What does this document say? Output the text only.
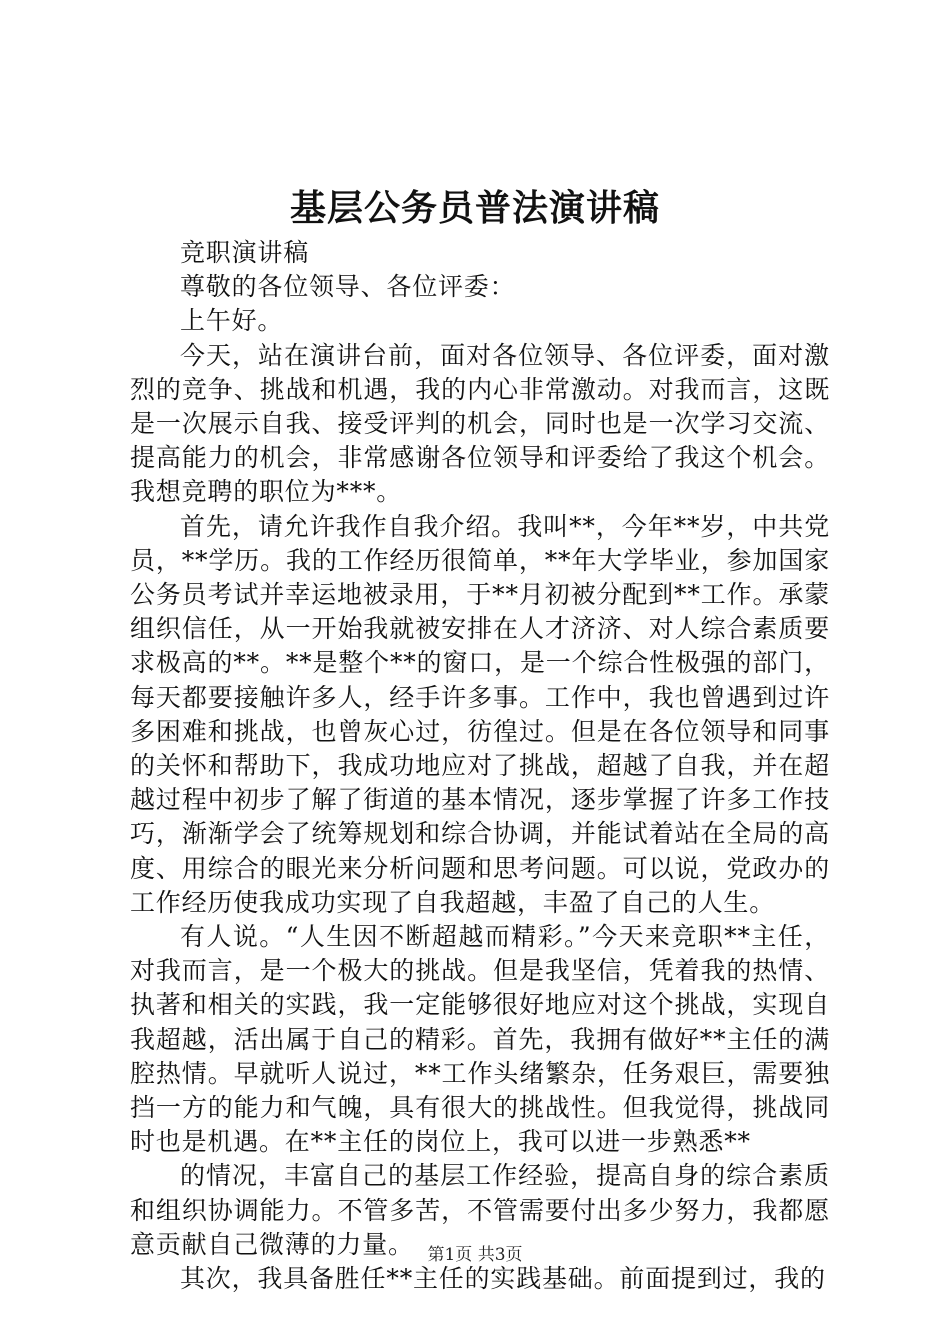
基层公务员普法演讲稿

竞职演讲稿

尊敬的各位领导、各位评委：

上午好。

今天，站在演讲台前，面对各位领导、各位评委，面对激烈的竞争、挑战和机遇，我的内心非常激动。对我而言，这既是一次展示自我、接受评判的机会，同时也是一次学习交流、提高能力的机会，非常感谢各位领导和评委给了我这个机会。我想竞聘的职位为***。

首先，请允许我作自我介绍。我叫**，今年**岁，中共党员，**学历。我的工作经历很简单，**年大学毕业，参加国家公务员考试并幸运地被录用，于**月初被分配到**工作。承蒙组织信任，从一开始我就被安排在人才济济、对人综合素质要求极高的**。**是整个**的窗口，是一个综合性极强的部门，每天都要接触许多人，经手许多事。工作中，我也曾遇到过许多困难和挑战，也曾灰心过，彷徨过。但是在各位领导和同事的关怀和帮助下，我成功地应对了挑战，超越了自我，并在超越过程中初步了解了街道的基本情况，逐步掌握了许多工作技巧，渐渐学会了统筹规划和综合协调，并能试着站在全局的高度、用综合的眼光来分析问题和思考问题。可以说，党政办的工作经历使我成功实现了自我超越，丰盈了自己的人生。

有人说。“人生因不断超越而精彩。”今天来竞职**主任，对我而言，是一个极大的挑战。但是我坚信，凭着我的热情、执著和相关的实践，我一定能够很好地应对这个挑战，实现自我超越，活出属于自己的精彩。首先，我拥有做好**主任的满腔热情。早就听人说过，**工作头绪繁杂，任务艰巨，需要独挡一方的能力和气魄，具有很大的挑战性。但我觉得，挑战同时也是机遇。在**主任的岗位上，我可以进一步熟悉**

的情况，丰富自己的基层工作经验，提高自身的综合素质和组织协调能力。不管多苦，不管需要付出多少努力，我都愿意贡献自己微薄的力量。

其次，我具备胜任**主任的实践基础。前面提到过，我的

第1页 共3页
